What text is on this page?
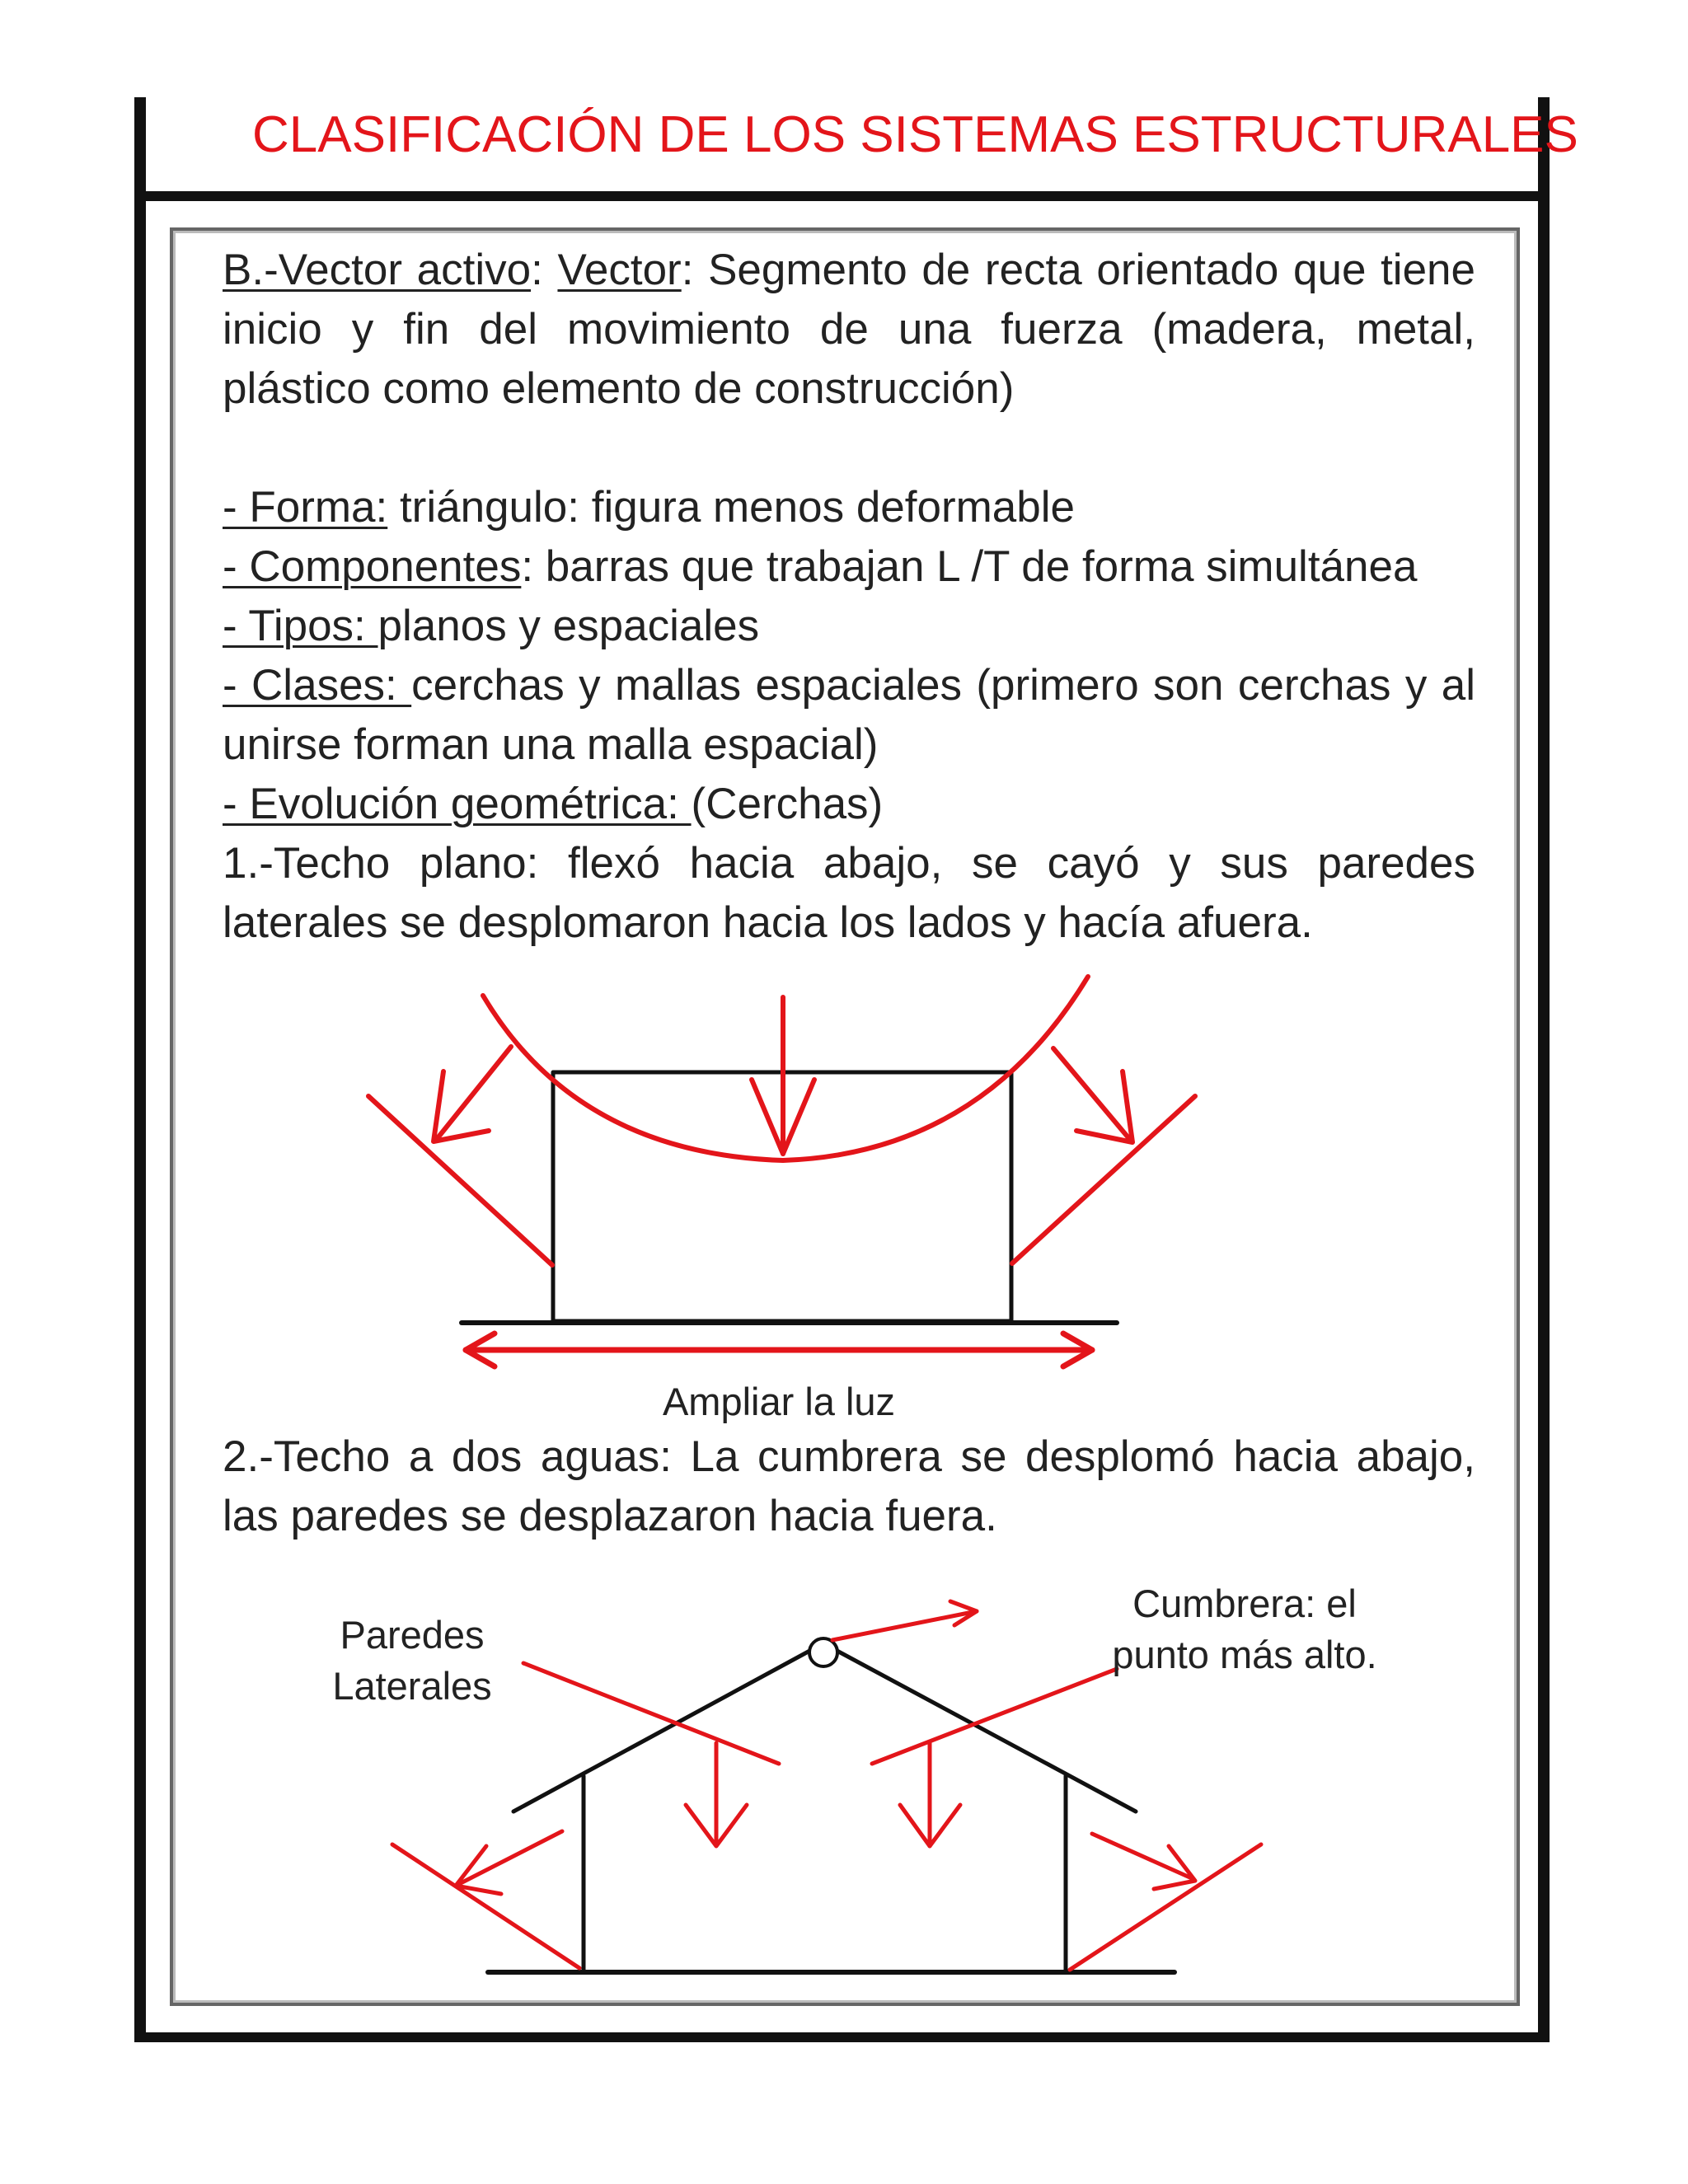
CLASIFICACIÓN DE LOS SISTEMAS ESTRUCTURALES
B.-Vector activo: Vector: Segmento de recta orientado que tiene inicio y fin del movimiento de una fuerza (madera, metal, plástico como elemento de construcción)
- Forma: triángulo: figura menos deformable
- Componentes: barras que trabajan L /T de forma simultánea
- Tipos: planos y espaciales
- Clases: cerchas y mallas espaciales (primero son cerchas y al unirse forman una malla espacial)
- Evolución geométrica: (Cerchas)
1.-Techo plano: flexó hacia abajo, se cayó y sus paredes laterales se desplomaron hacia los lados y hacía afuera.
Ampliar la luz
2.-Techo a dos aguas: La cumbrera se desplomó hacia abajo, las paredes se desplazaron hacia fuera.
Paredes
Laterales
Cumbrera: el
punto más alto.
